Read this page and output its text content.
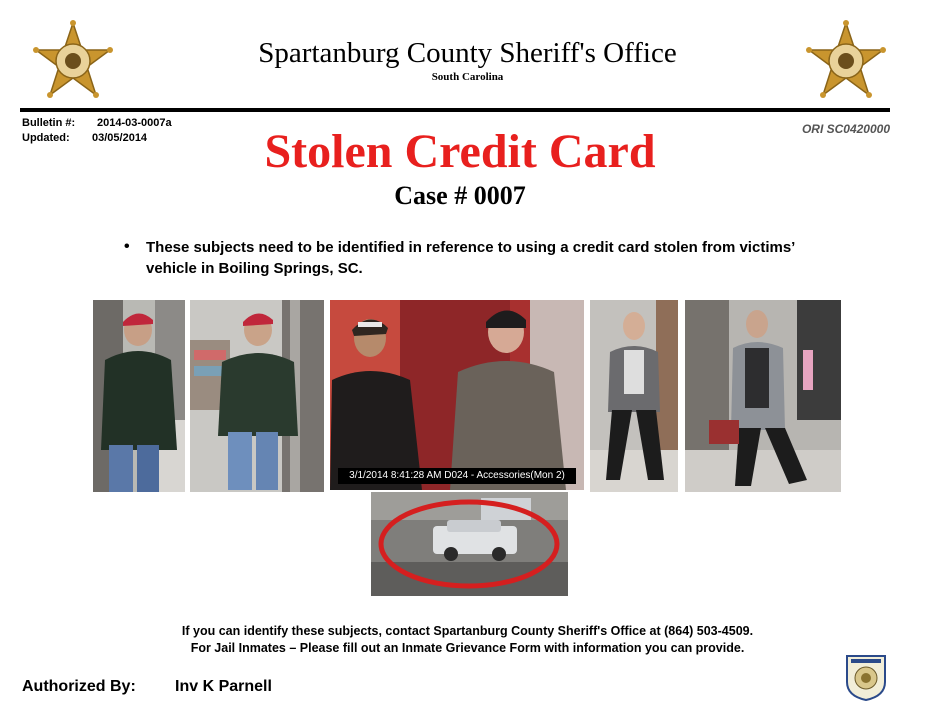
Spartanburg County Sheriff's Office
South Carolina
Bulletin #: 2014-03-0007a
Updated: 03/05/2014
ORI SC0420000
Stolen Credit Card
Case # 0007
• These subjects need to be identified in reference to using a credit card stolen from victims’ vehicle in Boiling Springs, SC.
3/1/2014 8:41:28 AM D024 - Accessories(Mon 2)
If you can identify these subjects, contact Spartanburg County Sheriff's Office at (864) 503-4509.
For Jail Inmates – Please fill out an Inmate Grievance Form with information you can provide.
Authorized By: Inv K Parnell
